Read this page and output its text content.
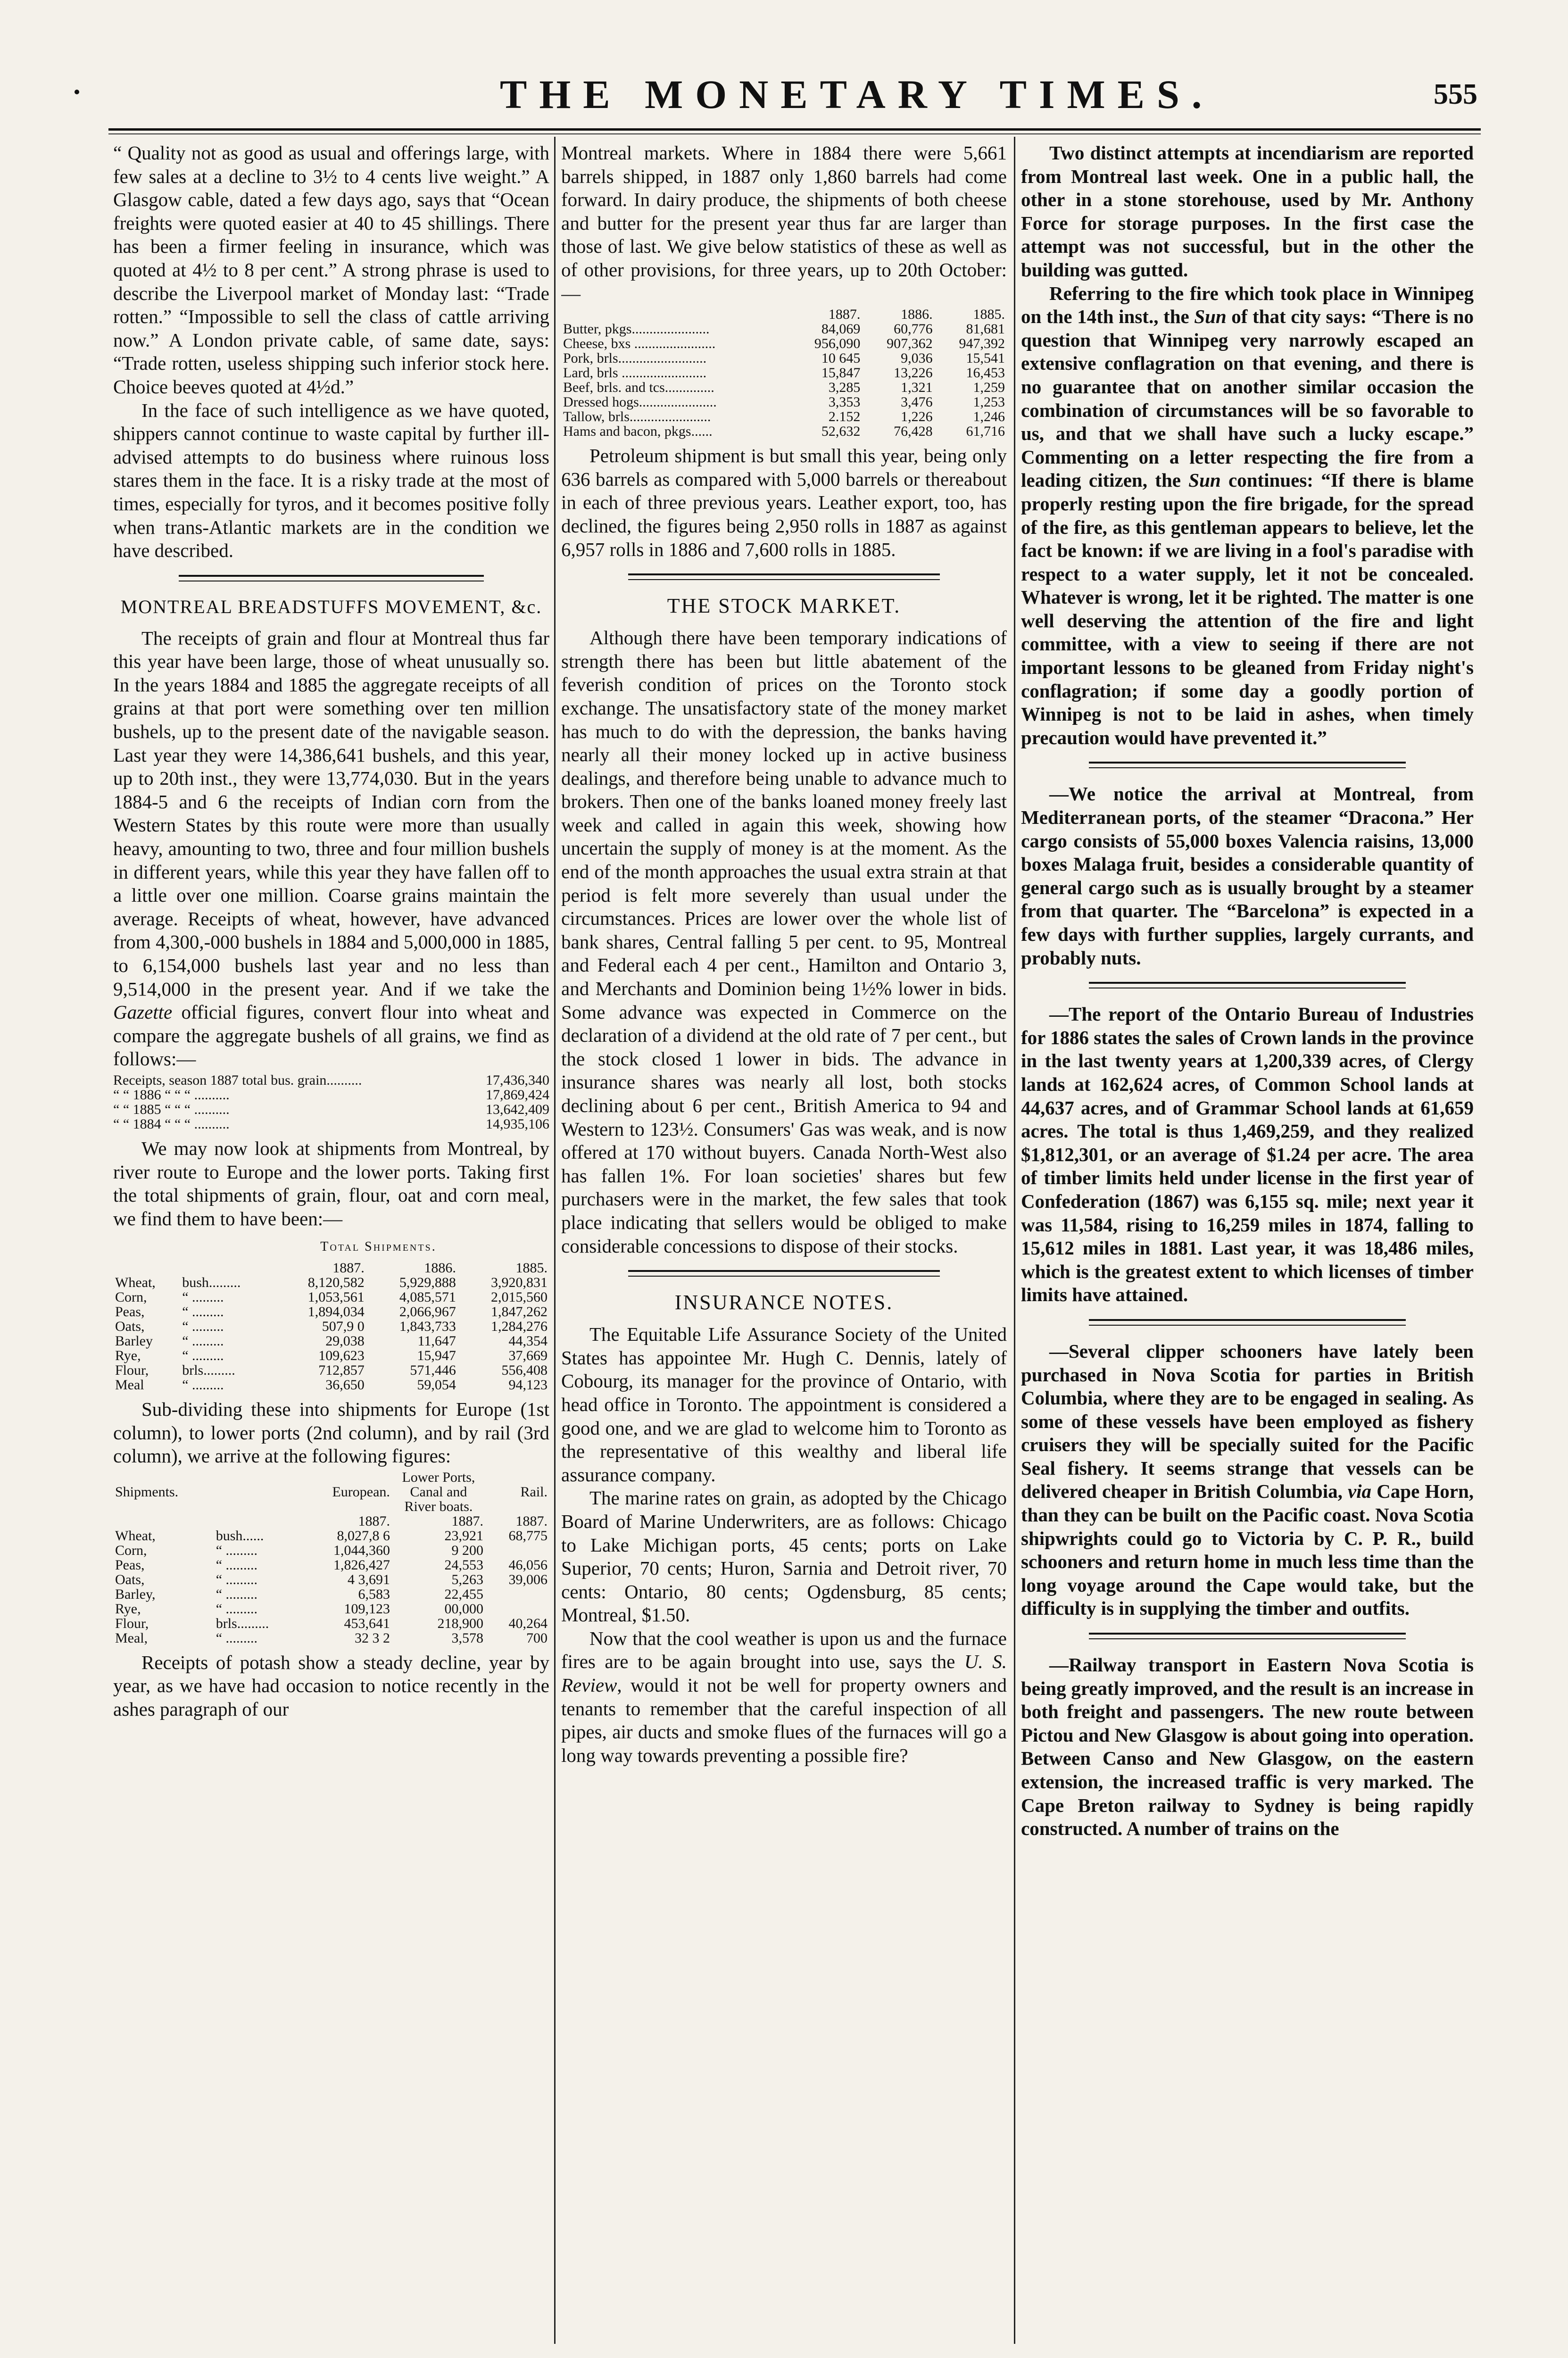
THE MONETARY TIMES.	555

“ Quality not as good as usual and offerings large, with few sales at a decline to 3½ to 4 cents live weight.” A Glasgow cable, dated a few days ago, says that “Ocean freights were quoted easier at 40 to 45 shillings. There has been a firmer feeling in insurance, which was quoted at 4½ to 8 per cent.” A strong phrase is used to describe the Liverpool market of Monday last: “Trade rotten.” “Impossible to sell the class of cattle arriving now.” A London private cable, of same date, says: “Trade rotten, useless shipping such inferior stock here. Choice beeves quoted at 4½d.”

In the face of such intelligence as we have quoted, shippers cannot continue to waste capital by further ill-advised attempts to do business where ruinous loss stares them in the face. It is a risky trade at the most of times, especially for tyros, and it becomes positive folly when trans-Atlantic markets are in the condition we have described.

MONTREAL BREADSTUFFS MOVEMENT, &c.

The receipts of grain and flour at Montreal thus far this year have been large, those of wheat unusually so. In the years 1884 and 1885 the aggregate receipts of all grains at that port were something over ten million bushels, up to the present date of the navigable season. Last year they were 14,386,641 bushels, and this year, up to 20th inst., they were 13,774,030. But in the years 1884-5 and 6 the receipts of Indian corn from the Western States by this route were more than usually heavy, amounting to two, three and four million bushels in different years, while this year they have fallen off to a little over one million. Coarse grains maintain the average. Receipts of wheat, however, have advanced from 4,300,-000 bushels in 1884 and 5,000,000 in 1885, to 6,154,000 bushels last year and no less than 9,514,000 in the present year. And if we take the Gazette official figures, convert flour into wheat and compare the aggregate bushels of all grains, we find as follows:—

Receipts, season 1887 total bus. grain..........	17,436,340
“ “ 1886 “ “ “ ..........	17,869,424
“ “ 1885 “ “ “ ..........	13,642,409
“ “ 1884 “ “ “ ..........	14,935,106

We may now look at shipments from Montreal, by river route to Europe and the lower ports. Taking first the total shipments of grain, flour, oat and corn meal, we find them to have been:—

Total Shipments.
		1887.	1886.	1885.
Wheat,	bush.........	8,120,582	5,929,888	3,920,831
Corn,	“ .........	1,053,561	4,085,571	2,015,560
Peas,	“ .........	1,894,034	2,066,967	1,847,262
Oats,	“ .........	507,9 0	1,843,733	1,284,276
Barley	“ .........	29,038	11,647	44,354
Rye,	“ .........	109,623	15,947	37,669
Flour,	brls.........	712,857	571,446	556,408
Meal	“ .........	36,650	59,054	94,123

Sub-dividing these into shipments for Europe (1st column), to lower ports (2nd column), and by rail (3rd column), we arrive at the following figures:

Shipments.		European.	Lower Ports, Canal and River boats.	Rail.
		1887.	1887.	1887.
Wheat,	bush......	8,027,8 6	23,921	68,775
Corn,	“ .........	1,044,360	9 200	
Peas,	“ .........	1,826,427	24,553	46,056
Oats,	“ .........	4 3,691	5,263	39,006
Barley,	“ .........	6,583	22,455	
Rye,	“ .........	109,123	00,000	
Flour,	brls.........	453,641	218,900	40,264
Meal,	“ .........	32 3 2	3,578	700

Receipts of potash show a steady decline, year by year, as we have had occasion to notice recently in the ashes paragraph of our

Montreal markets. Where in 1884 there were 5,661 barrels shipped, in 1887 only 1,860 barrels had come forward. In dairy produce, the shipments of both cheese and butter for the present year thus far are larger than those of last. We give below statistics of these as well as of other provisions, for three years, up to 20th October:—

	1887.	1886.	1885.
Butter, pkgs......................	84,069	60,776	81,681
Cheese, bxs .......................	956,090	907,362	947,392
Pork, brls.........................	10 645	9,036	15,541
Lard, brls ........................	15,847	13,226	16,453
Beef, brls. and tcs..............	3,285	1,321	1,259
Dressed hogs......................	3,353	3,476	1,253
Tallow, brls.......................	2.152	1,226	1,246
Hams and bacon, pkgs......	52,632	76,428	61,716

Petroleum shipment is but small this year, being only 636 barrels as compared with 5,000 barrels or thereabout in each of three previous years. Leather export, too, has declined, the figures being 2,950 rolls in 1887 as against 6,957 rolls in 1886 and 7,600 rolls in 1885.

THE STOCK MARKET.

Although there have been temporary indications of strength there has been but little abatement of the feverish condition of prices on the Toronto stock exchange. The unsatisfactory state of the money market has much to do with the depression, the banks having nearly all their money locked up in active business dealings, and therefore being unable to advance much to brokers. Then one of the banks loaned money freely last week and called in again this week, showing how uncertain the supply of money is at the moment. As the end of the month approaches the usual extra strain at that period is felt more severely than usual under the circumstances. Prices are lower over the whole list of bank shares, Central falling 5 per cent. to 95, Montreal and Federal each 4 per cent., Hamilton and Ontario 3, and Merchants and Dominion being 1½% lower in bids. Some advance was expected in Commerce on the declaration of a dividend at the old rate of 7 per cent., but the stock closed 1 lower in bids. The advance in insurance shares was nearly all lost, both stocks declining about 6 per cent., British America to 94 and Western to 123½. Consumers' Gas was weak, and is now offered at 170 without buyers. Canada North-West also has fallen 1%. For loan societies' shares but few purchasers were in the market, the few sales that took place indicating that sellers would be obliged to make considerable concessions to dispose of their stocks.

INSURANCE NOTES.

The Equitable Life Assurance Society of the United States has appointee Mr. Hugh C. Dennis, lately of Cobourg, its manager for the province of Ontario, with head office in Toronto. The appointment is considered a good one, and we are glad to welcome him to Toronto as the representative of this wealthy and liberal life assurance company.

The marine rates on grain, as adopted by the Chicago Board of Marine Underwriters, are as follows: Chicago to Lake Michigan ports, 45 cents; ports on Lake Superior, 70 cents; Huron, Sarnia and Detroit river, 70 cents: Ontario, 80 cents; Ogdensburg, 85 cents; Montreal, $1.50.

Now that the cool weather is upon us and the furnace fires are to be again brought into use, says the U. S. Review, would it not be well for property owners and tenants to remember that the careful inspection of all pipes, air ducts and smoke flues of the furnaces will go a long way towards preventing a possible fire?

Two distinct attempts at incendiarism are reported from Montreal last week. One in a public hall, the other in a stone storehouse, used by Mr. Anthony Force for storage purposes. In the first case the attempt was not successful, but in the other the building was gutted.

Referring to the fire which took place in Winnipeg on the 14th inst., the Sun of that city says: “There is no question that Winnipeg very narrowly escaped an extensive conflagration on that evening, and there is no guarantee that on another similar occasion the combination of circumstances will be so favorable to us, and that we shall have such a lucky escape.” Commenting on a letter respecting the fire from a leading citizen, the Sun continues: “If there is blame properly resting upon the fire brigade, for the spread of the fire, as this gentleman appears to believe, let the fact be known: if we are living in a fool's paradise with respect to a water supply, let it not be concealed. Whatever is wrong, let it be righted. The matter is one well deserving the attention of the fire and light committee, with a view to seeing if there are not important lessons to be gleaned from Friday night's conflagration; if some day a goodly portion of Winnipeg is not to be laid in ashes, when timely precaution would have prevented it.”

—We notice the arrival at Montreal, from Mediterranean ports, of the steamer “Dracona.” Her cargo consists of 55,000 boxes Valencia raisins, 13,000 boxes Malaga fruit, besides a considerable quantity of general cargo such as is usually brought by a steamer from that quarter. The “Barcelona” is expected in a few days with further supplies, largely currants, and probably nuts.

—The report of the Ontario Bureau of Industries for 1886 states the sales of Crown lands in the province in the last twenty years at 1,200,339 acres, of Clergy lands at 162,624 acres, of Common School lands at 44,637 acres, and of Grammar School lands at 61,659 acres. The total is thus 1,469,259, and they realized $1,812,301, or an average of $1.24 per acre. The area of timber limits held under license in the first year of Confederation (1867) was 6,155 sq. mile; next year it was 11,584, rising to 16,259 miles in 1874, falling to 15,612 miles in 1881. Last year, it was 18,486 miles, which is the greatest extent to which licenses of timber limits have attained.

—Several clipper schooners have lately been purchased in Nova Scotia for parties in British Columbia, where they are to be engaged in sealing. As some of these vessels have been employed as fishery cruisers they will be specially suited for the Pacific Seal fishery. It seems strange that vessels can be delivered cheaper in British Columbia, via Cape Horn, than they can be built on the Pacific coast. Nova Scotia shipwrights could go to Victoria by C. P. R., build schooners and return home in much less time than the long voyage around the Cape would take, but the difficulty is in supplying the timber and outfits.

—Railway transport in Eastern Nova Scotia is being greatly improved, and the result is an increase in both freight and passengers. The new route between Pictou and New Glasgow is about going into operation. Between Canso and New Glasgow, on the eastern extension, the increased traffic is very marked. The Cape Breton railway to Sydney is being rapidly constructed. A number of trains on the
